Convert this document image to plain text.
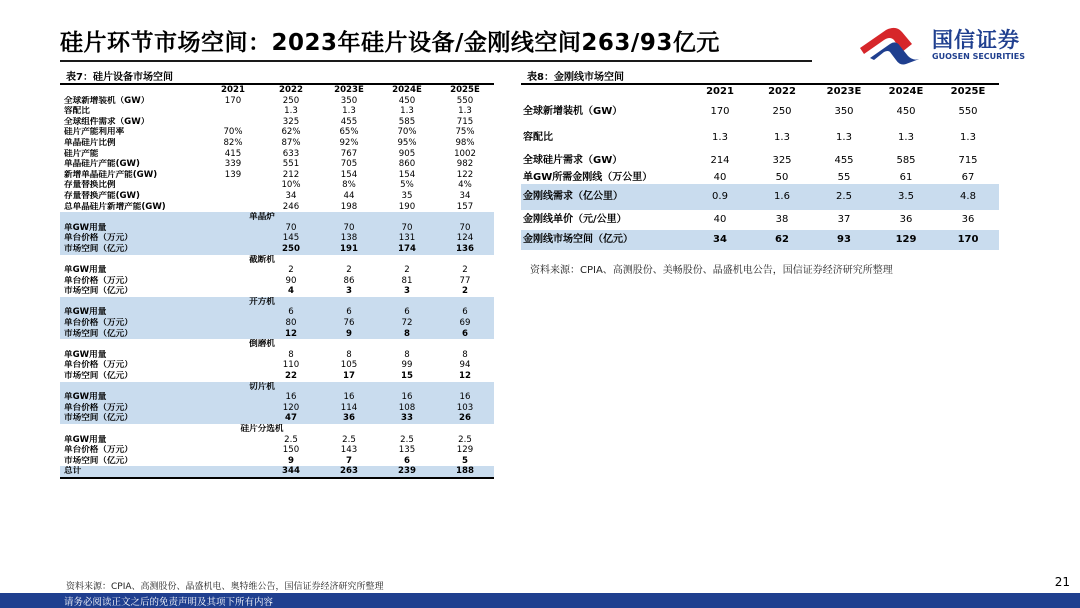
硅片环节市场空间：2023年硅片设备/金刚线空间263/93亿元	国信证券
GUOSEN SECURITIES
表7：硅片设备市场空间
	2021	2022	2023E	2024E	2025E
全球新增装机（GW）	170	250	350	450	550
容配比		1.3	1.3	1.3	1.3
全球组件需求（GW）		325	455	585	715
硅片产能利用率	70%	62%	65%	70%	75%
单晶硅片比例	82%	87%	92%	95%	98%
硅片产能	415	633	767	905	1002
单晶硅片产能(GW)	339	551	705	860	982
新增单晶硅片产能(GW)	139	212	154	154	122
存量替换比例		10%	8%	5%	4%
存量替换产能(GW)		34	44	35	34
总单晶硅片新增产能(GW)		246	198	190	157
	单晶炉				
单GW用量		70	70	70	70
单台价格（万元）		145	138	131	124
市场空间（亿元）		250	191	174	136
	截断机				
单GW用量		2	2	2	2
单台价格（万元）		90	86	81	77
市场空间（亿元）		4	3	3	2
	开方机				
单GW用量		6	6	6	6
单台价格（万元）		80	76	72	69
市场空间（亿元）		12	9	8	6
	倒磨机				
单GW用量		8	8	8	8
单台价格（万元）		110	105	99	94
市场空间（亿元）		22	17	15	12
	切片机				
单GW用量		16	16	16	16
单台价格（万元）		120	114	108	103
市场空间（亿元）		47	36	33	26
	硅片分选机				
单GW用量		2.5	2.5	2.5	2.5
单台价格（万元）		150	143	135	129
市场空间（亿元）		9	7	6	5
总计		344	263	239	188
资料来源：CPIA、高测股份、晶盛机电、奥特维公告，国信证券经济研究所整理
表8：金刚线市场空间
	2021	2022	2023E	2024E	2025E
全球新增装机（GW）	170	250	350	450	550
容配比	1.3	1.3	1.3	1.3	1.3
全球硅片需求（GW）	214	325	455	585	715
单GW所需金刚线（万公里）	40	50	55	61	67
金刚线需求（亿公里）	0.9	1.6	2.5	3.5	4.8
金刚线单价（元/公里）	40	38	37	36	36
金刚线市场空间（亿元）	34	62	93	129	170
资料来源：CPIA、高测股份、美畅股份、晶盛机电公告，国信证券经济研究所整理
21
请务必阅读正文之后的免责声明及其项下所有内容
